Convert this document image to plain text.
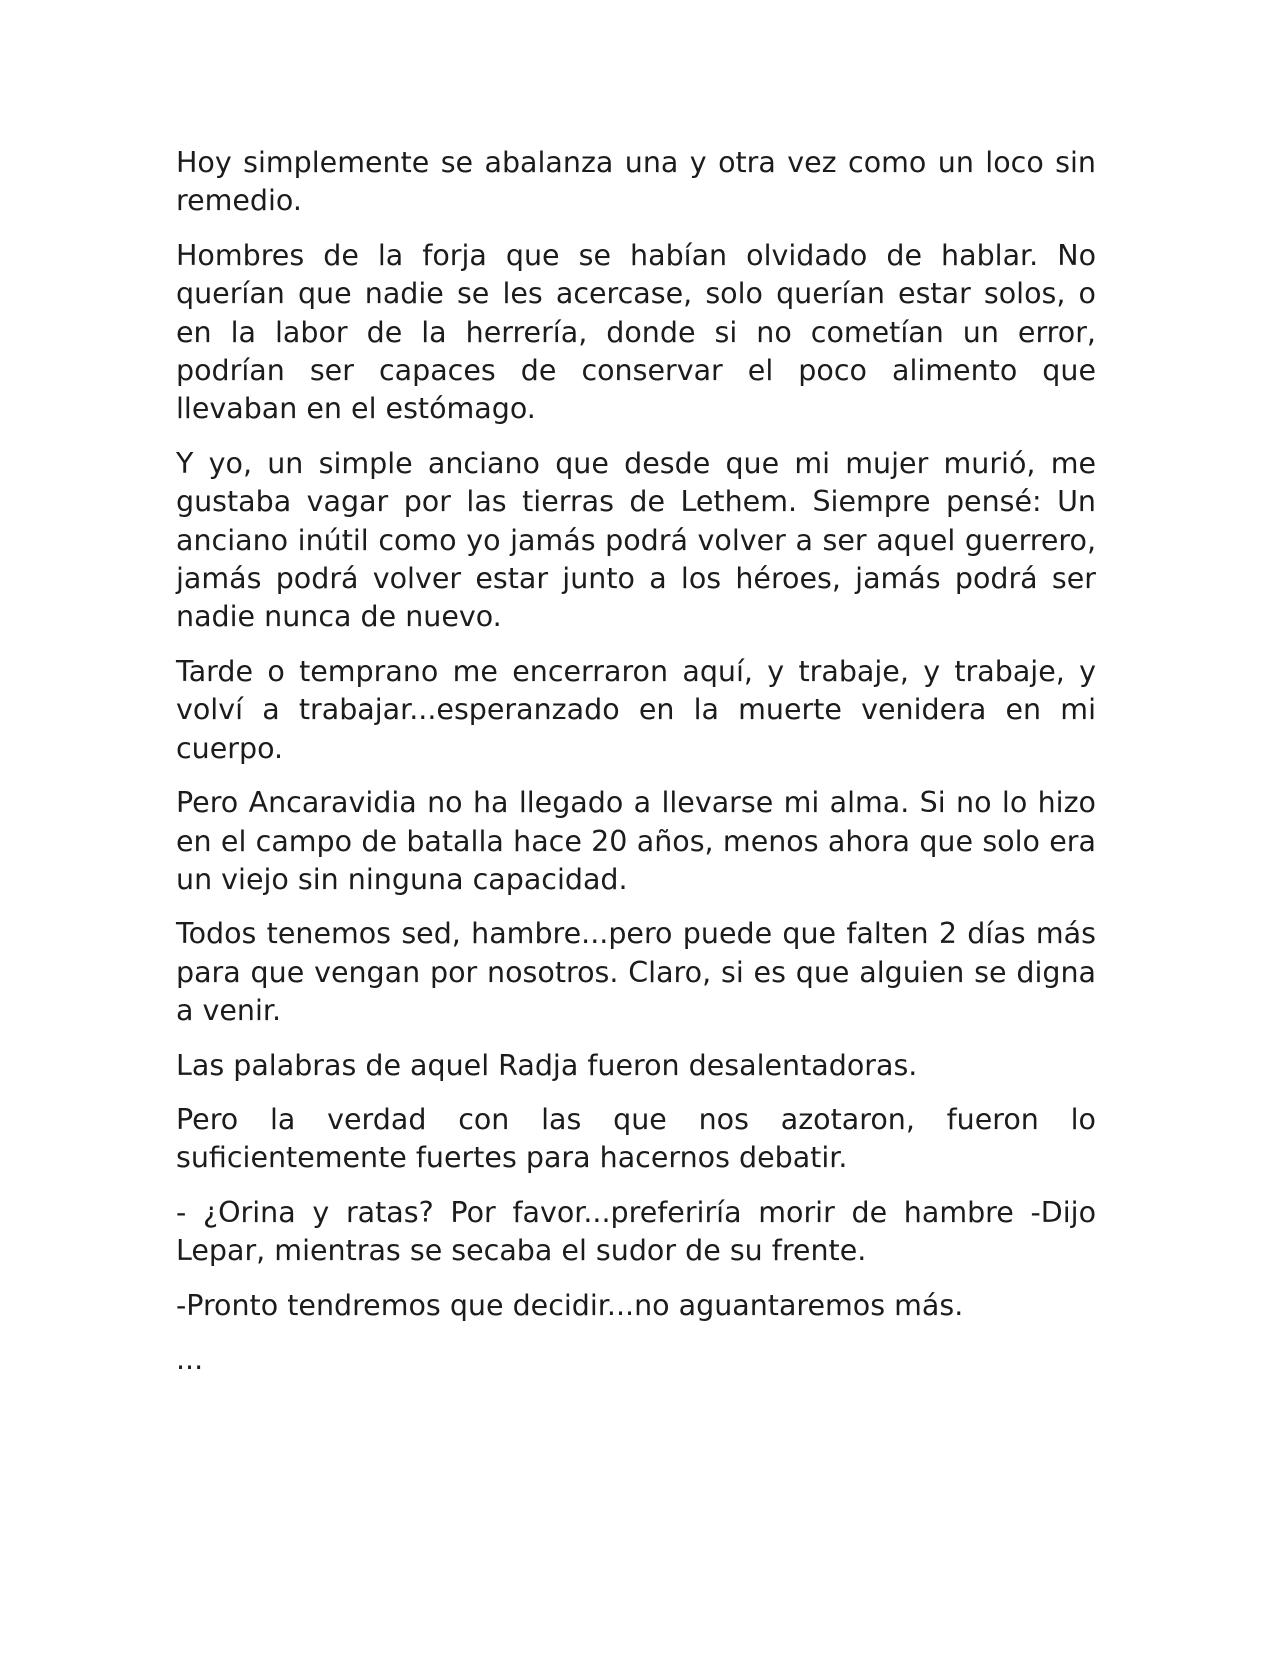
Hoy simplemente se abalanza una y otra vez como un loco sin remedio.

Hombres de la forja que se habían olvidado de hablar. No querían que nadie se les acercase, solo querían estar solos, o en la labor de la herrería, donde si no cometían un error, podrían ser capaces de conservar el poco alimento que llevaban en el estómago.

Y yo, un simple anciano que desde que mi mujer murió, me gustaba vagar por las tierras de Lethem. Siempre pensé: Un anciano inútil como yo jamás podrá volver a ser aquel guerrero, jamás podrá volver estar junto a los héroes, jamás podrá ser nadie nunca de nuevo.

Tarde o temprano me encerraron aquí, y trabaje, y trabaje, y volví a trabajar...esperanzado en la muerte venidera en mi cuerpo.

Pero Ancaravidia no ha llegado a llevarse mi alma. Si no lo hizo en el campo de batalla hace 20 años, menos ahora que solo era un viejo sin ninguna capacidad.

Todos tenemos sed, hambre...pero puede que falten 2 días más para que vengan por nosotros. Claro, si es que alguien se digna a venir.

Las palabras de aquel Radja fueron desalentadoras.

Pero la verdad con las que nos azotaron, fueron lo suficientemente fuertes para hacernos debatir.

- ¿Orina y ratas? Por favor...preferiría morir de hambre -Dijo Lepar, mientras se secaba el sudor de su frente.

-Pronto tendremos que decidir...no aguantaremos más.

...
